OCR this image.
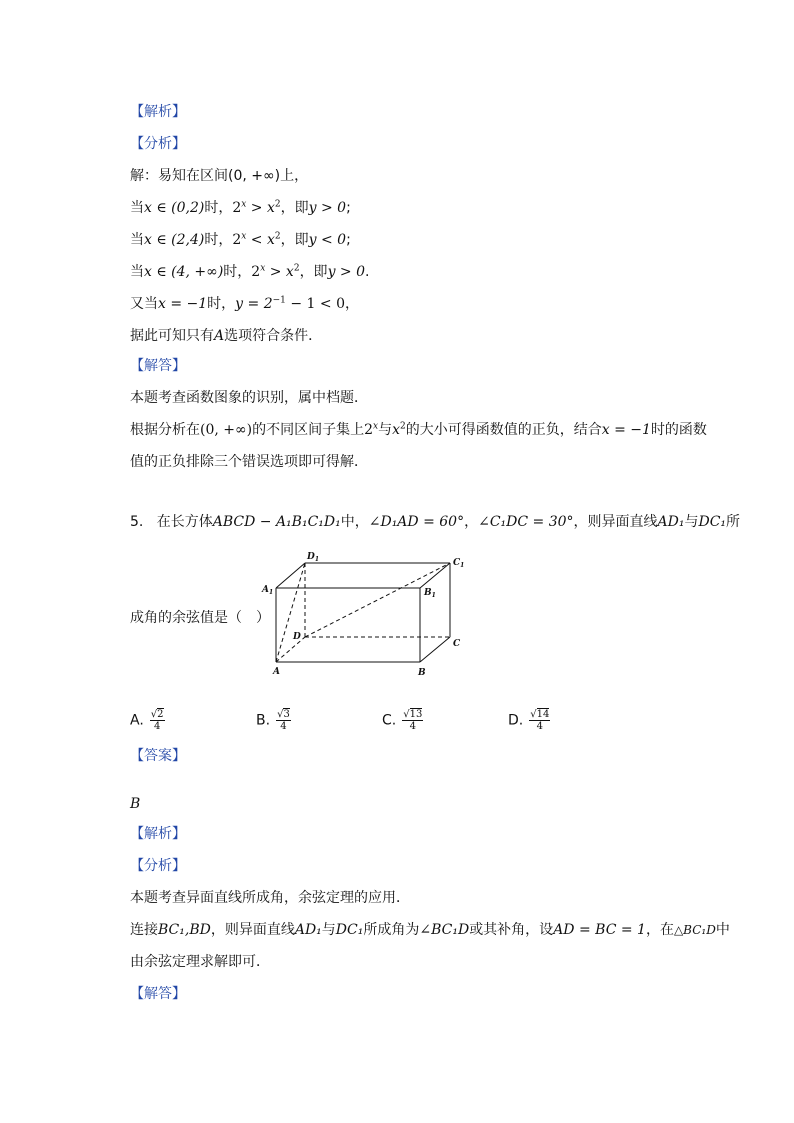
【解析】
【分析】
解：易知在区间(0, +∞)上，
当x ∈ (0,2)时，$2^x > x^2$，即y > 0;
当x ∈ (2,4)时，$2^x < x^2$，即y < 0;
当x ∈ (4, +∞)时，$2^x > x^2$，即y > 0.
又当x = −1时，$y = 2^{-1} - 1 < 0$，
据此可知只有A选项符合条件．
【解答】
本题考查函数图象的识别，属中档题．
根据分析在(0, +∞)的不同区间子集上2$^x$与$x^2$的大小可得函数值的正负，结合x = −1时的函数
值的正负排除三个错误选项即可得解．
5. 在长方体ABCD − A₁B₁C₁D₁中，∠D₁AD = 60°，∠C₁DC = 30°，则异面直线AD₁与DC₁所
成角的余弦值是（　）
$A_1$	$B_1$
$C_1$
$D_1$
D
C
A	B
A. $\frac{√2}{4}$	B. $\frac{√3}{4}$	C. $\frac{√13}{4}$	D. $\frac{√14}{4}$
【答案】
B
【解析】
【分析】
本题考查异面直线所成角，余弦定理的应用．
连接BC₁,BD，则异面直线AD₁与DC₁所成角为∠BC₁D或其补角，设AD = BC = 1，在△BC₁D中
由余弦定理求解即可．
【解答】
